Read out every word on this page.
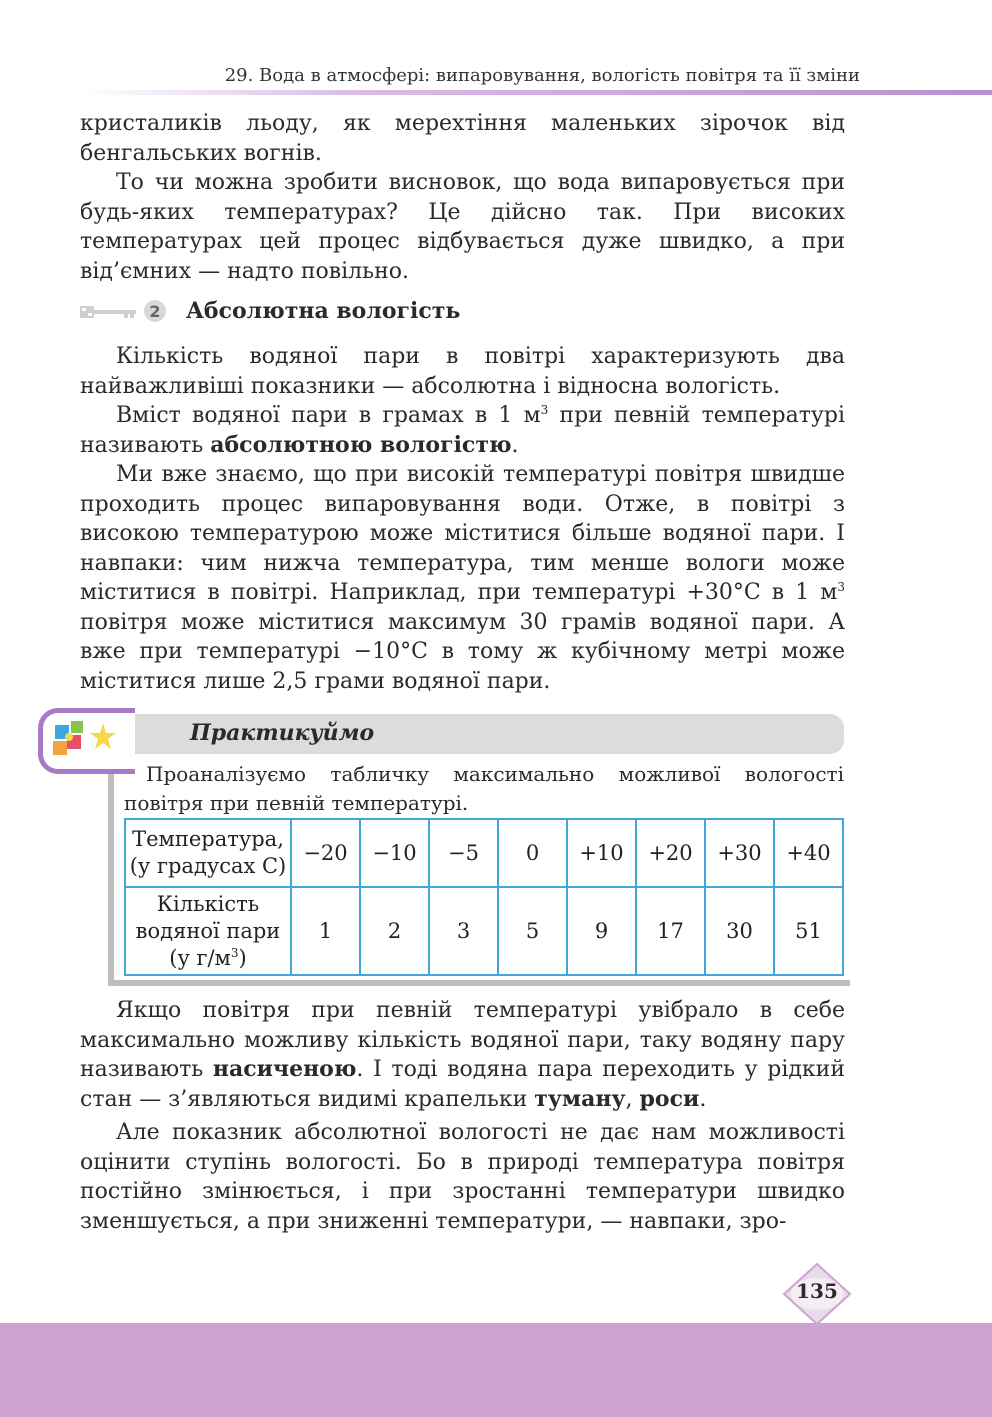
29. Вода в атмосфері: випаровування, вологість повітря та її зміни

кристаликів льоду, як мерехтіння маленьких зірочок від бенгальських вогнів.

То чи можна зробити висновок, що вода випаровується при будь-яких температурах? Це дійсно так. При високих температурах цей процес відбувається дуже швидко, а при від’ємних — надто повільно.

2 Абсолютна вологість

Кількість водяної пари в повітрі характеризують два найважливіші показники — абсолютна і відносна вологість.

Вміст водяної пари в грамах в 1 $м^3$ при певній температурі називають абсолютною вологістю.

Ми вже знаємо, що при високій температурі повітря швидше проходить процес випаровування води. Отже, в повітрі з високою температурою може міститися більше водяної пари. І навпаки: чим нижча температура, тим менше вологи може міститися в повітрі. Наприклад, при температурі +30°С в 1 $м^3$ повітря може міститися максимум 30 грамів водяної пари. А вже при температурі −10°С в тому ж кубічному метрі може міститися лише 2,5 грами водяної пари.

Практикуймо

Проаналізуємо табличку максимально можливої вологості повітря при певній температурі.

Температура,
(у градусах С)	−20	−10	−5	0	+10	+20	+30	+40

Кількість
водяної пари
(у $г/м^3$)	1	2	3	5	9	17	30	51

Якщо повітря при певній температурі увібрало в себе максимально можливу кількість водяної пари, таку водяну пару називають насиченою. І тоді водяна пара переходить у рідкий стан — з’являються видимі крапельки туману, роси.

Але показник абсолютної вологості не дає нам можливості оцінити ступінь вологості. Бо в природі температура повітря постійно змінюється, і при зростанні температури швидко зменшується, а при зниженні температури, — навпаки, зро-

135
